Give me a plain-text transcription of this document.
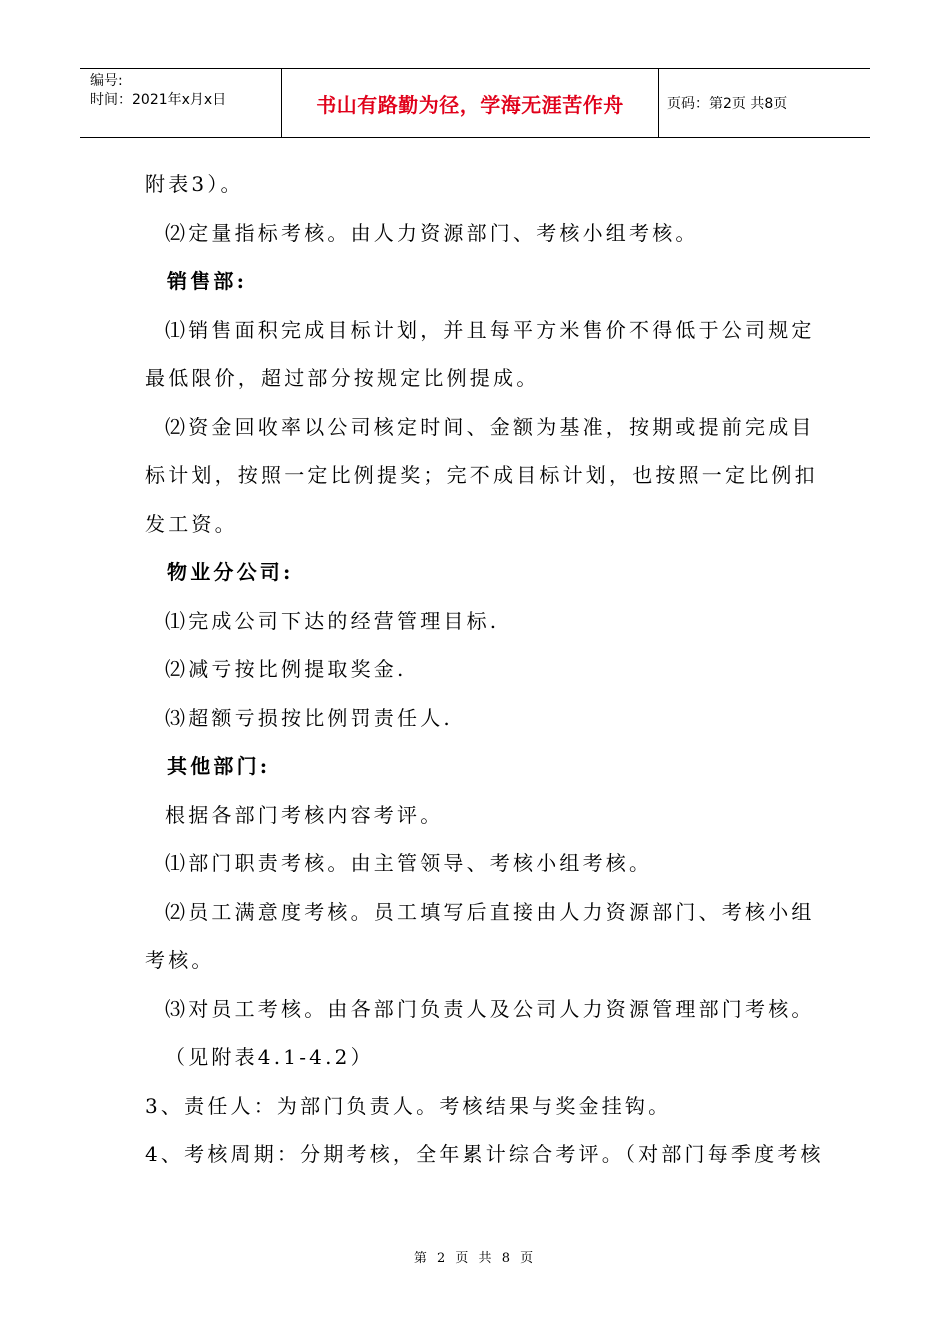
编号:
时间：2021年x月x日	书山有路勤为径，学海无涯苦作舟	页码：第2页 共8页
附表3）。
⑵定量指标考核。由人力资源部门、考核小组考核。
销售部:
⑴销售面积完成目标计划，并且每平方米售价不得低于公司规定
最低限价，超过部分按规定比例提成。
⑵资金回收率以公司核定时间、金额为基准，按期或提前完成目
标计划，按照一定比例提奖；完不成目标计划，也按照一定比例扣
发工资。
物业分公司:
⑴完成公司下达的经营管理目标.
⑵减亏按比例提取奖金.
⑶超额亏损按比例罚责任人.
其他部门:
根据各部门考核内容考评。
⑴部门职责考核。由主管领导、考核小组考核。
⑵员工满意度考核。员工填写后直接由人力资源部门、考核小组
考核。
⑶对员工考核。由各部门负责人及公司人力资源管理部门考核。
（见附表4.1-4.2）
3、责任人：为部门负责人。考核结果与奖金挂钩。
4、考核周期：分期考核，全年累计综合考评。（对部门每季度考核
第 2 页 共 8 页
